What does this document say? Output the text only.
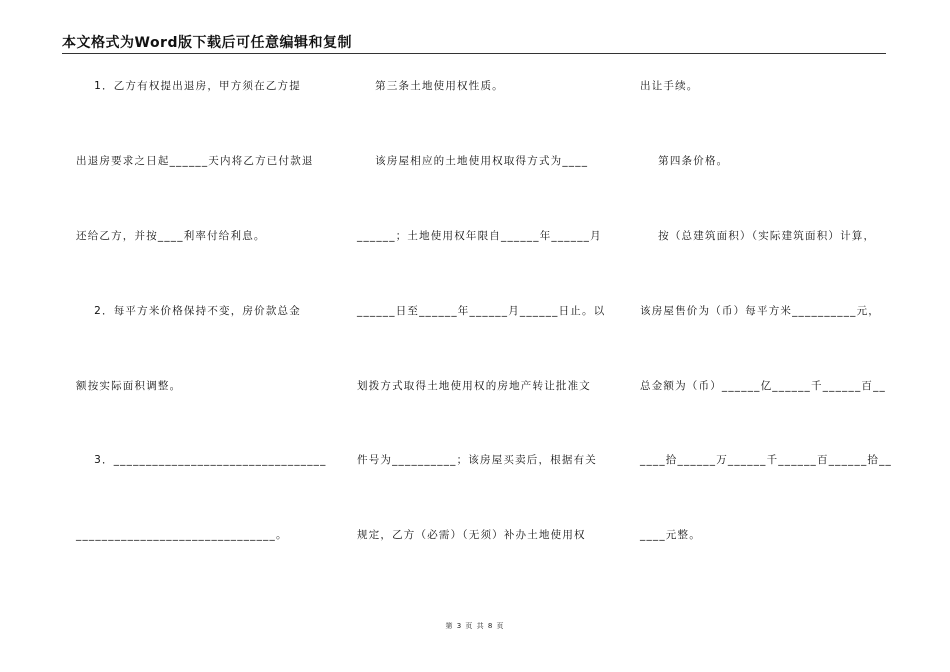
本文格式为Word版下载后可任意编辑和复制
1．乙方有权提出退房，甲方须在乙方提
出退房要求之日起______天内将乙方已付款退
还给乙方，并按____利率付给利息。
2．每平方米价格保持不变，房价款总金
额按实际面积调整。
3．_________________________________
_______________________________。
第三条土地使用权性质。
该房屋相应的土地使用权取得方式为____
______；土地使用权年限自______年______月
______日至______年______月______日止。以
划拨方式取得土地使用权的房地产转让批准文
件号为__________；该房屋买卖后，根据有关
规定，乙方（必需）（无须）补办土地使用权
出让手续。
第四条价格。
按（总建筑面积）（实际建筑面积）计算，
该房屋售价为（币）每平方米__________元，
总金额为（币）______亿______千______百__
____拾______万______千______百______拾__
____元整。
第 3 页 共 8 页
